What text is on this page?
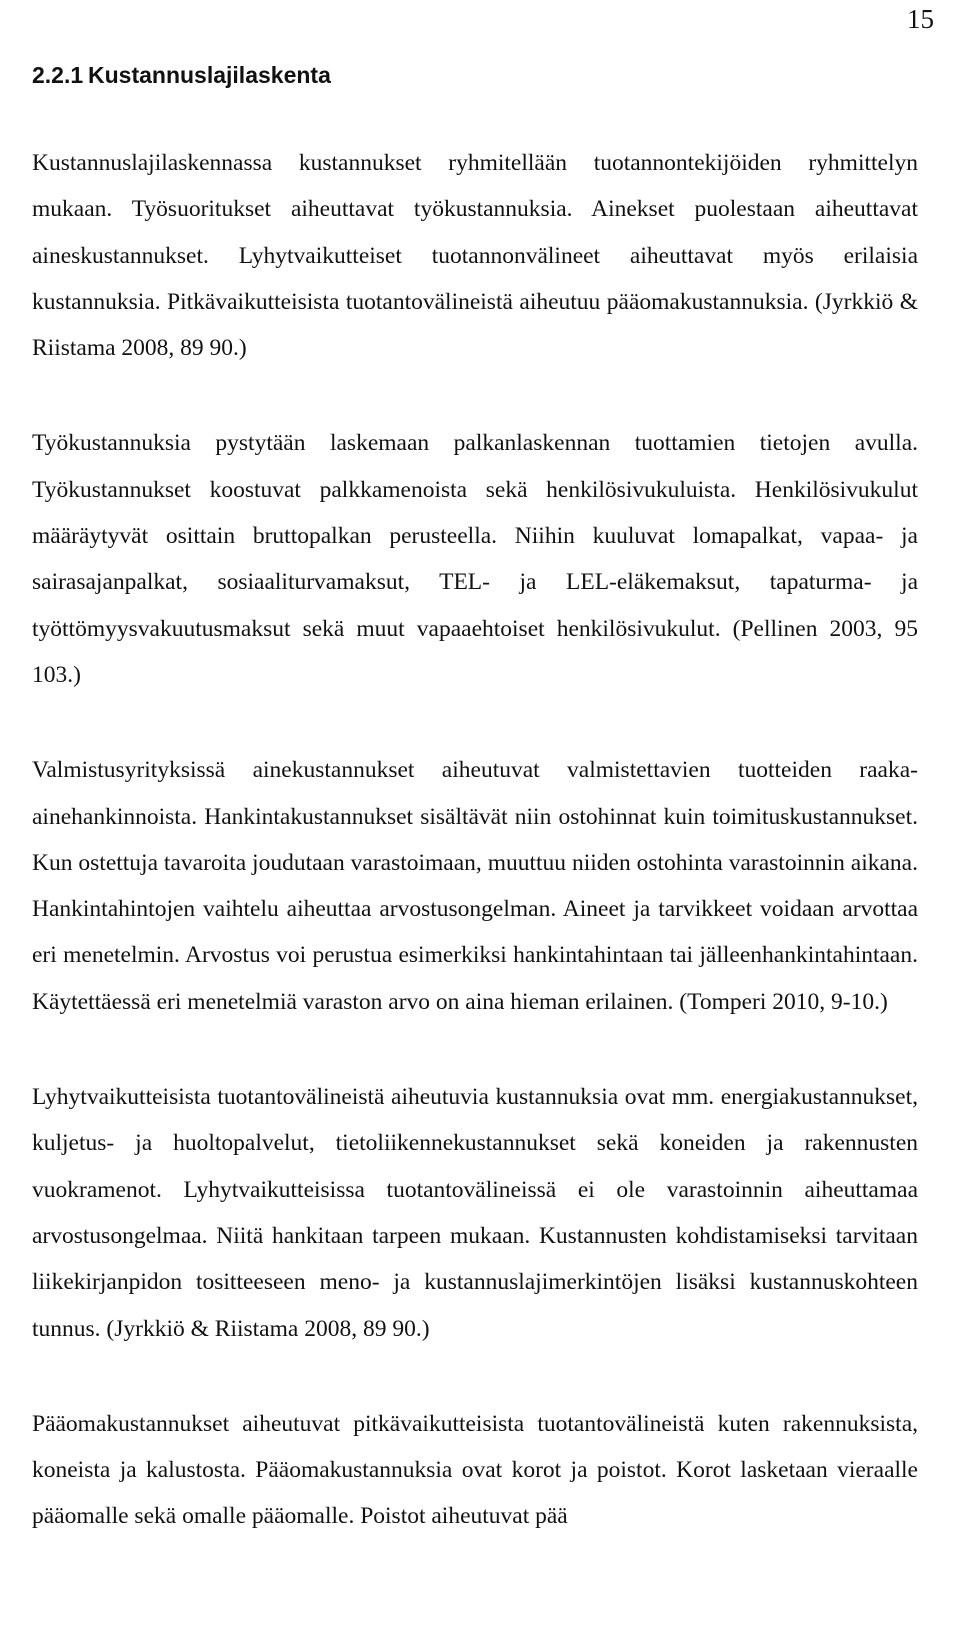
15
2.2.1 Kustannuslajilaskenta

Kustannuslajilaskennassa kustannukset ryhmitellään tuotannontekijöiden ryhmittelyn mukaan. Työsuoritukset aiheuttavat työkustannuksia. Ainekset puolestaan aiheuttavat aineskustannukset. Lyhytvaikutteiset tuotannonvälineet aiheuttavat myös erilaisia kustannuksia. Pitkävaikutteisista tuotantovälineistä aiheutuu pääomakustannuksia. (Jyrkkiö & Riistama 2008, 89 90.)

Työkustannuksia pystytään laskemaan palkanlaskennan tuottamien tietojen avulla. Työkustannukset koostuvat palkkamenoista sekä henkilösivukuluista. Henkilösivukulut määräytyvät osittain bruttopalkan perusteella. Niihin kuuluvat lomapalkat, vapaa- ja sairasajanpalkat, sosiaaliturvamaksut, TEL- ja LEL-eläkemaksut, tapaturma- ja työttömyysvakuutusmaksut sekä muut vapaaehtoiset henkilösivukulut. (Pellinen 2003, 95 103.)

Valmistusyrityksissä ainekustannukset aiheutuvat valmistettavien tuotteiden raaka-ainehankinnoista. Hankintakustannukset sisältävät niin ostohinnat kuin toimituskustannukset. Kun ostettuja tavaroita joudutaan varastoimaan, muuttuu niiden ostohinta varastoinnin aikana. Hankintahintojen vaihtelu aiheuttaa arvostusongelman. Aineet ja tarvikkeet voidaan arvottaa eri menetelmin. Arvostus voi perustua esimerkiksi hankintahintaan tai jälleenhankintahintaan. Käytettäessä eri menetelmiä varaston arvo on aina hieman erilainen. (Tomperi 2010, 9-10.)

Lyhytvaikutteisista tuotantovälineistä aiheutuvia kustannuksia ovat mm. energiakustannukset, kuljetus- ja huoltopalvelut, tietoliikennekustannukset sekä koneiden ja rakennusten vuokramenot. Lyhytvaikutteisissa tuotantovälineissä ei ole varastoinnin aiheuttamaa arvostusongelmaa. Niitä hankitaan tarpeen mukaan. Kustannusten kohdistamiseksi tarvitaan liikekirjanpidon tositteeseen meno- ja kustannuslajimerkintöjen lisäksi kustannuskohteen tunnus. (Jyrkkiö & Riistama 2008, 89 90.)

Pääomakustannukset aiheutuvat pitkävaikutteisista tuotantovälineistä kuten rakennuksista, koneista ja kalustosta. Pääomakustannuksia ovat korot ja poistot. Korot lasketaan vieraalle pääomalle sekä omalle pääomalle. Poistot aiheutuvat pää
